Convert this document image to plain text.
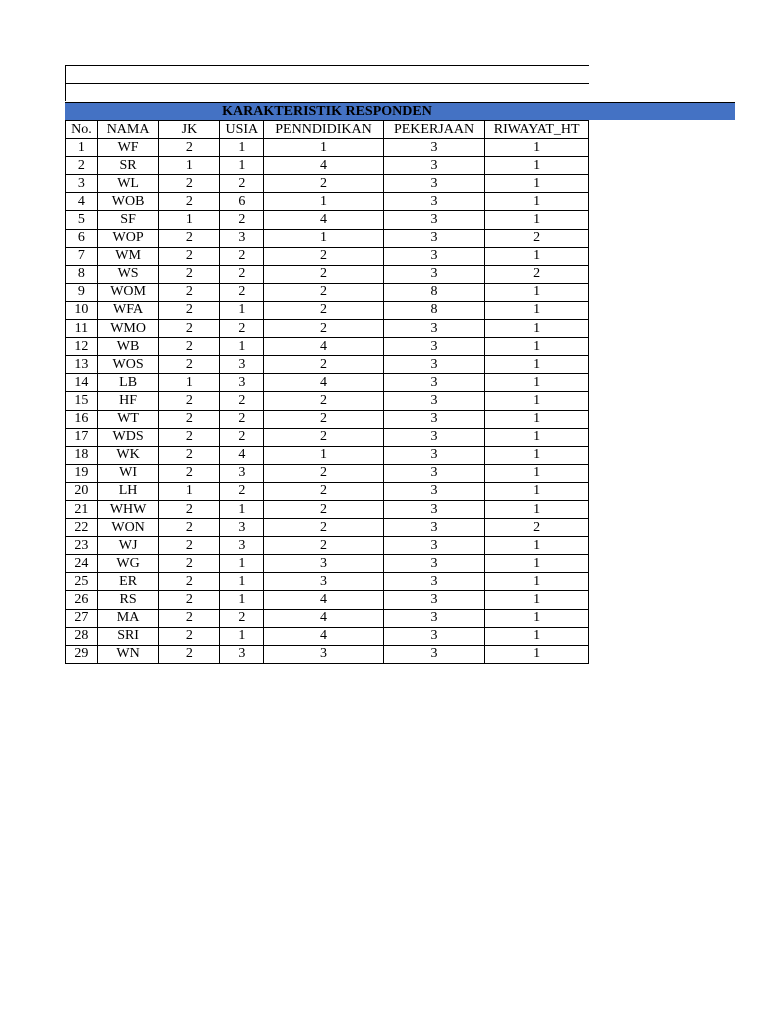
KARAKTERISTIK RESPONDEN
No.	NAMA	JK	USIA	PENNDIDIKAN	PEKERJAAN	RIWAYAT_HT
1	WF	2	1	1	3	1
2	SR	1	1	4	3	1
3	WL	2	2	2	3	1
4	WOB	2	6	1	3	1
5	SF	1	2	4	3	1
6	WOP	2	3	1	3	2
7	WM	2	2	2	3	1
8	WS	2	2	2	3	2
9	WOM	2	2	2	8	1
10	WFA	2	1	2	8	1
11	WMO	2	2	2	3	1
12	WB	2	1	4	3	1
13	WOS	2	3	2	3	1
14	LB	1	3	4	3	1
15	HF	2	2	2	3	1
16	WT	2	2	2	3	1
17	WDS	2	2	2	3	1
18	WK	2	4	1	3	1
19	WI	2	3	2	3	1
20	LH	1	2	2	3	1
21	WHW	2	1	2	3	1
22	WON	2	3	2	3	2
23	WJ	2	3	2	3	1
24	WG	2	1	3	3	1
25	ER	2	1	3	3	1
26	RS	2	1	4	3	1
27	MA	2	2	4	3	1
28	SRI	2	1	4	3	1
29	WN	2	3	3	3	1
